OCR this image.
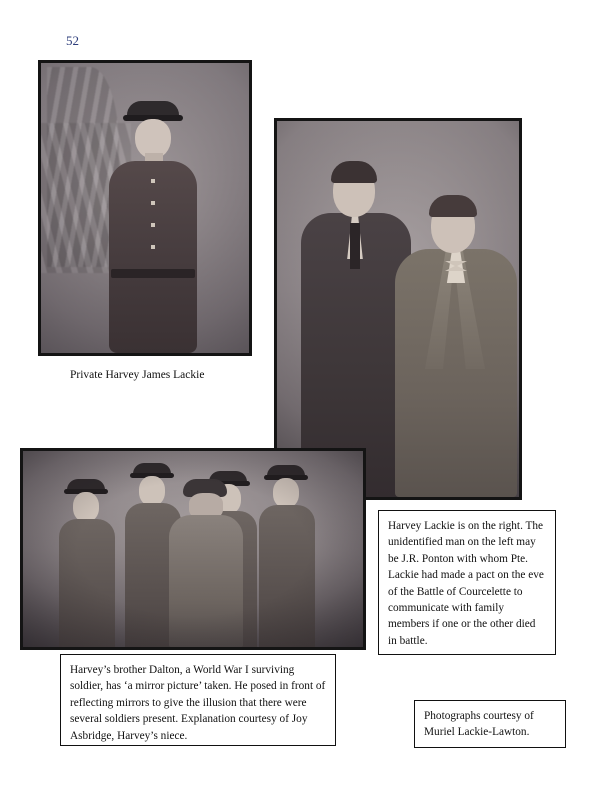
52
Private Harvey James Lackie
Harvey Lackie is on the right. The unidentified man on the left may be J.R. Ponton with whom Pte. Lackie had made a pact on the eve of the Battle of Courcelette to communicate with family members if one or the other died in battle.
Harvey’s brother Dalton, a World War I surviving soldier, has ‘a mirror picture’ taken. He posed in front of reflecting mirrors to give the illusion that there were several soldiers present. Explanation courtesy of Joy Asbridge, Harvey’s niece.
Photographs courtesy of Muriel Lackie-Lawton.
